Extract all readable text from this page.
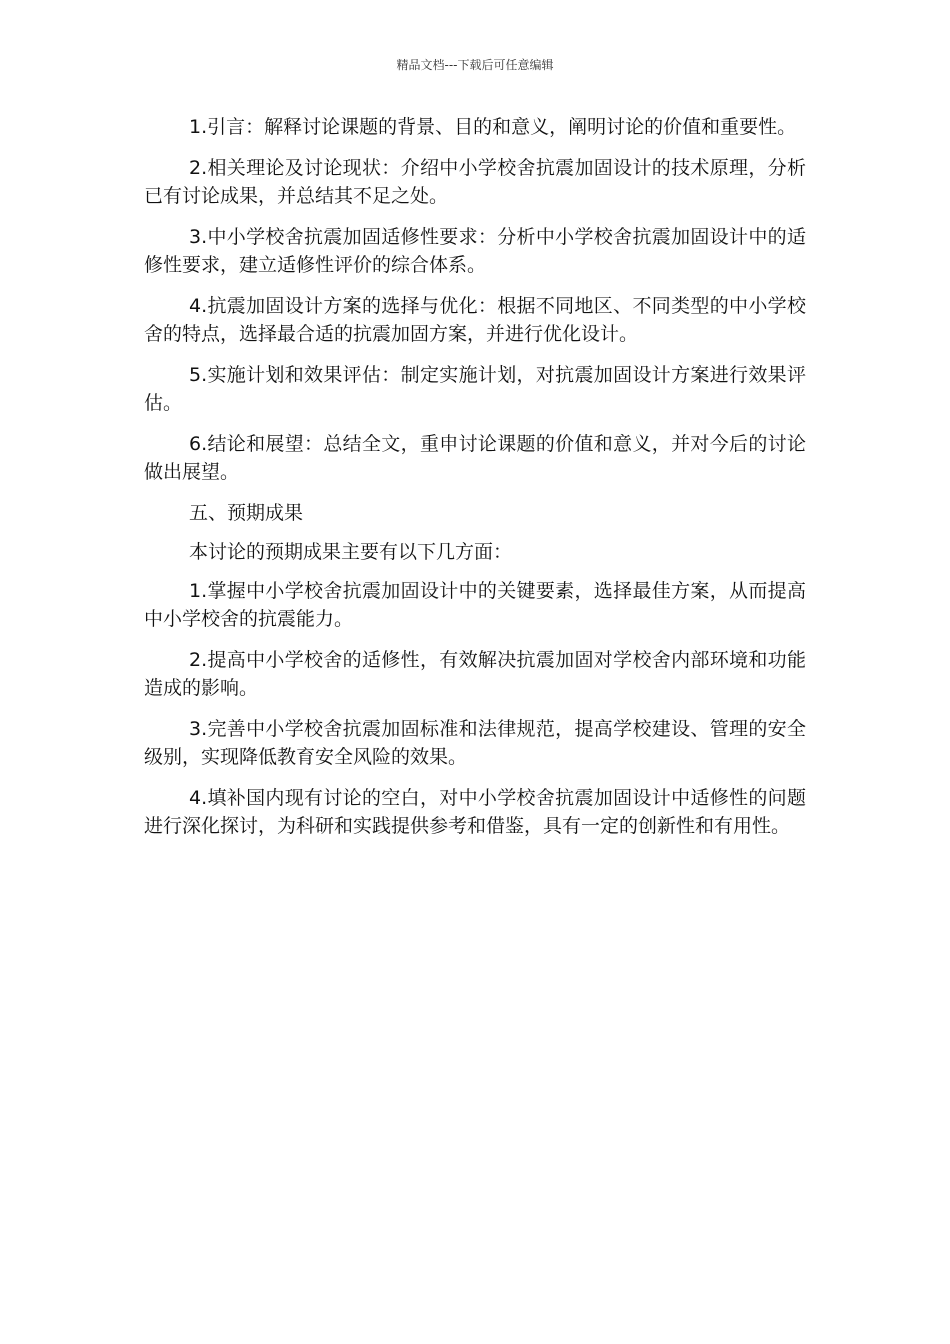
精品文档---下载后可任意编辑

1.引言：解释讨论课题的背景、目的和意义，阐明讨论的价值和重要性。

2.相关理论及讨论现状：介绍中小学校舍抗震加固设计的技术原理，分析已有讨论成果，并总结其不足之处。

3.中小学校舍抗震加固适修性要求：分析中小学校舍抗震加固设计中的适修性要求，建立适修性评价的综合体系。

4.抗震加固设计方案的选择与优化：根据不同地区、不同类型的中小学校舍的特点，选择最合适的抗震加固方案，并进行优化设计。

5.实施计划和效果评估：制定实施计划，对抗震加固设计方案进行效果评估。

6.结论和展望：总结全文，重申讨论课题的价值和意义，并对今后的讨论做出展望。

五、预期成果

本讨论的预期成果主要有以下几方面：

1.掌握中小学校舍抗震加固设计中的关键要素，选择最佳方案，从而提高中小学校舍的抗震能力。

2.提高中小学校舍的适修性，有效解决抗震加固对学校舍内部环境和功能造成的影响。

3.完善中小学校舍抗震加固标准和法律规范，提高学校建设、管理的安全级别，实现降低教育安全风险的效果。

4.填补国内现有讨论的空白，对中小学校舍抗震加固设计中适修性的问题进行深化探讨，为科研和实践提供参考和借鉴，具有一定的创新性和有用性。
